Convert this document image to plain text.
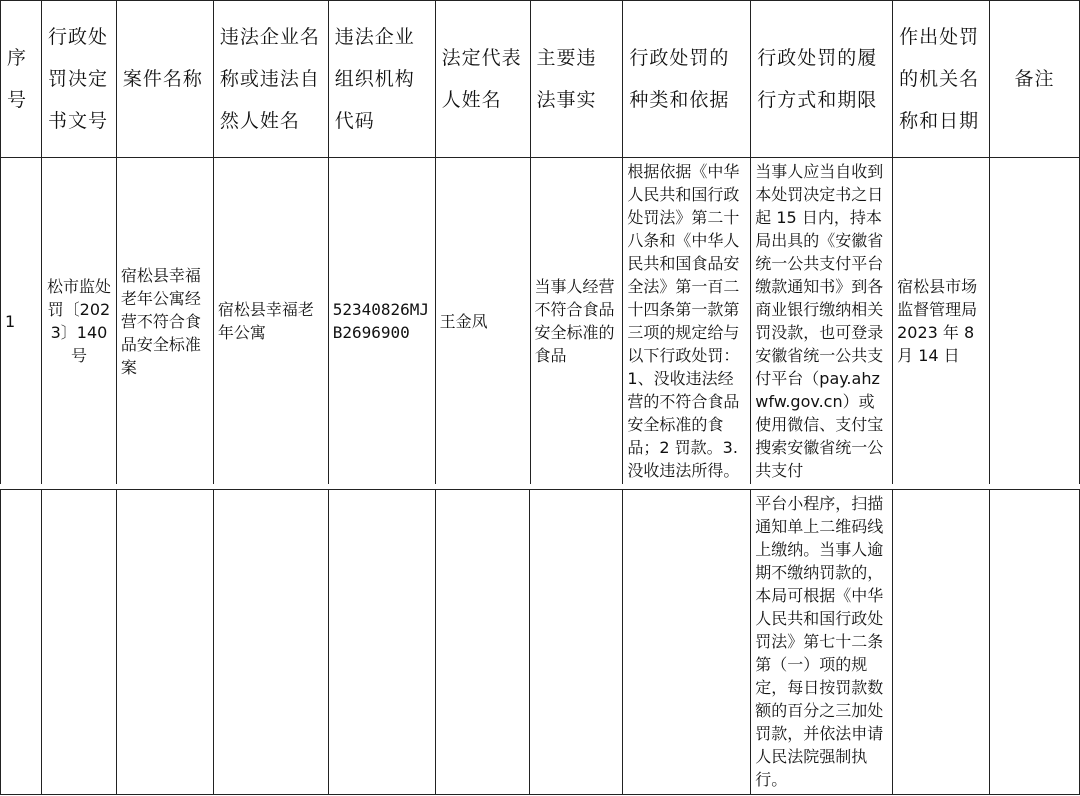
序号	行政处罚决定书文号	案件名称	违法企业名称或违法自然人姓名	违法企业组织机构代码	法定代表人姓名	主要违法事实	行政处罚的种类和依据	行政处罚的履行方式和期限	作出处罚的机关名称和日期	备注
1	松市监处罚〔2023〕140 号	宿松县幸福老年公寓经营不符合食品安全标准案	宿松县幸福老年公寓	52340826MJB2696900	王金凤	当事人经营不符合食品安全标准的食品	根据依据《中华人民共和国行政处罚法》第二十八条和《中华人民共和国食品安全法》第一百二十四条第一款第三项的规定给与以下行政处罚：1、没收违法经营的不符合食品安全标准的食品；2 罚款。3.没收违法所得。	当事人应当自收到本处罚决定书之日起 15 日内，持本局出具的《安徽省统一公共支付平台缴款通知书》到各商业银行缴纳相关罚没款，也可登录安徽省统一公共支付平台（pay.ahzwfw.gov.cn）或使用微信、支付宝搜索安徽省统一公共支付	宿松县市场监督管理局 2023 年 8 月 14 日	
								平台小程序，扫描通知单上二维码线上缴纳。当事人逾期不缴纳罚款的，本局可根据《中华人民共和国行政处罚法》第七十二条第（一）项的规定，每日按罚款数额的百分之三加处罚款，并依法申请人民法院强制执行。		
